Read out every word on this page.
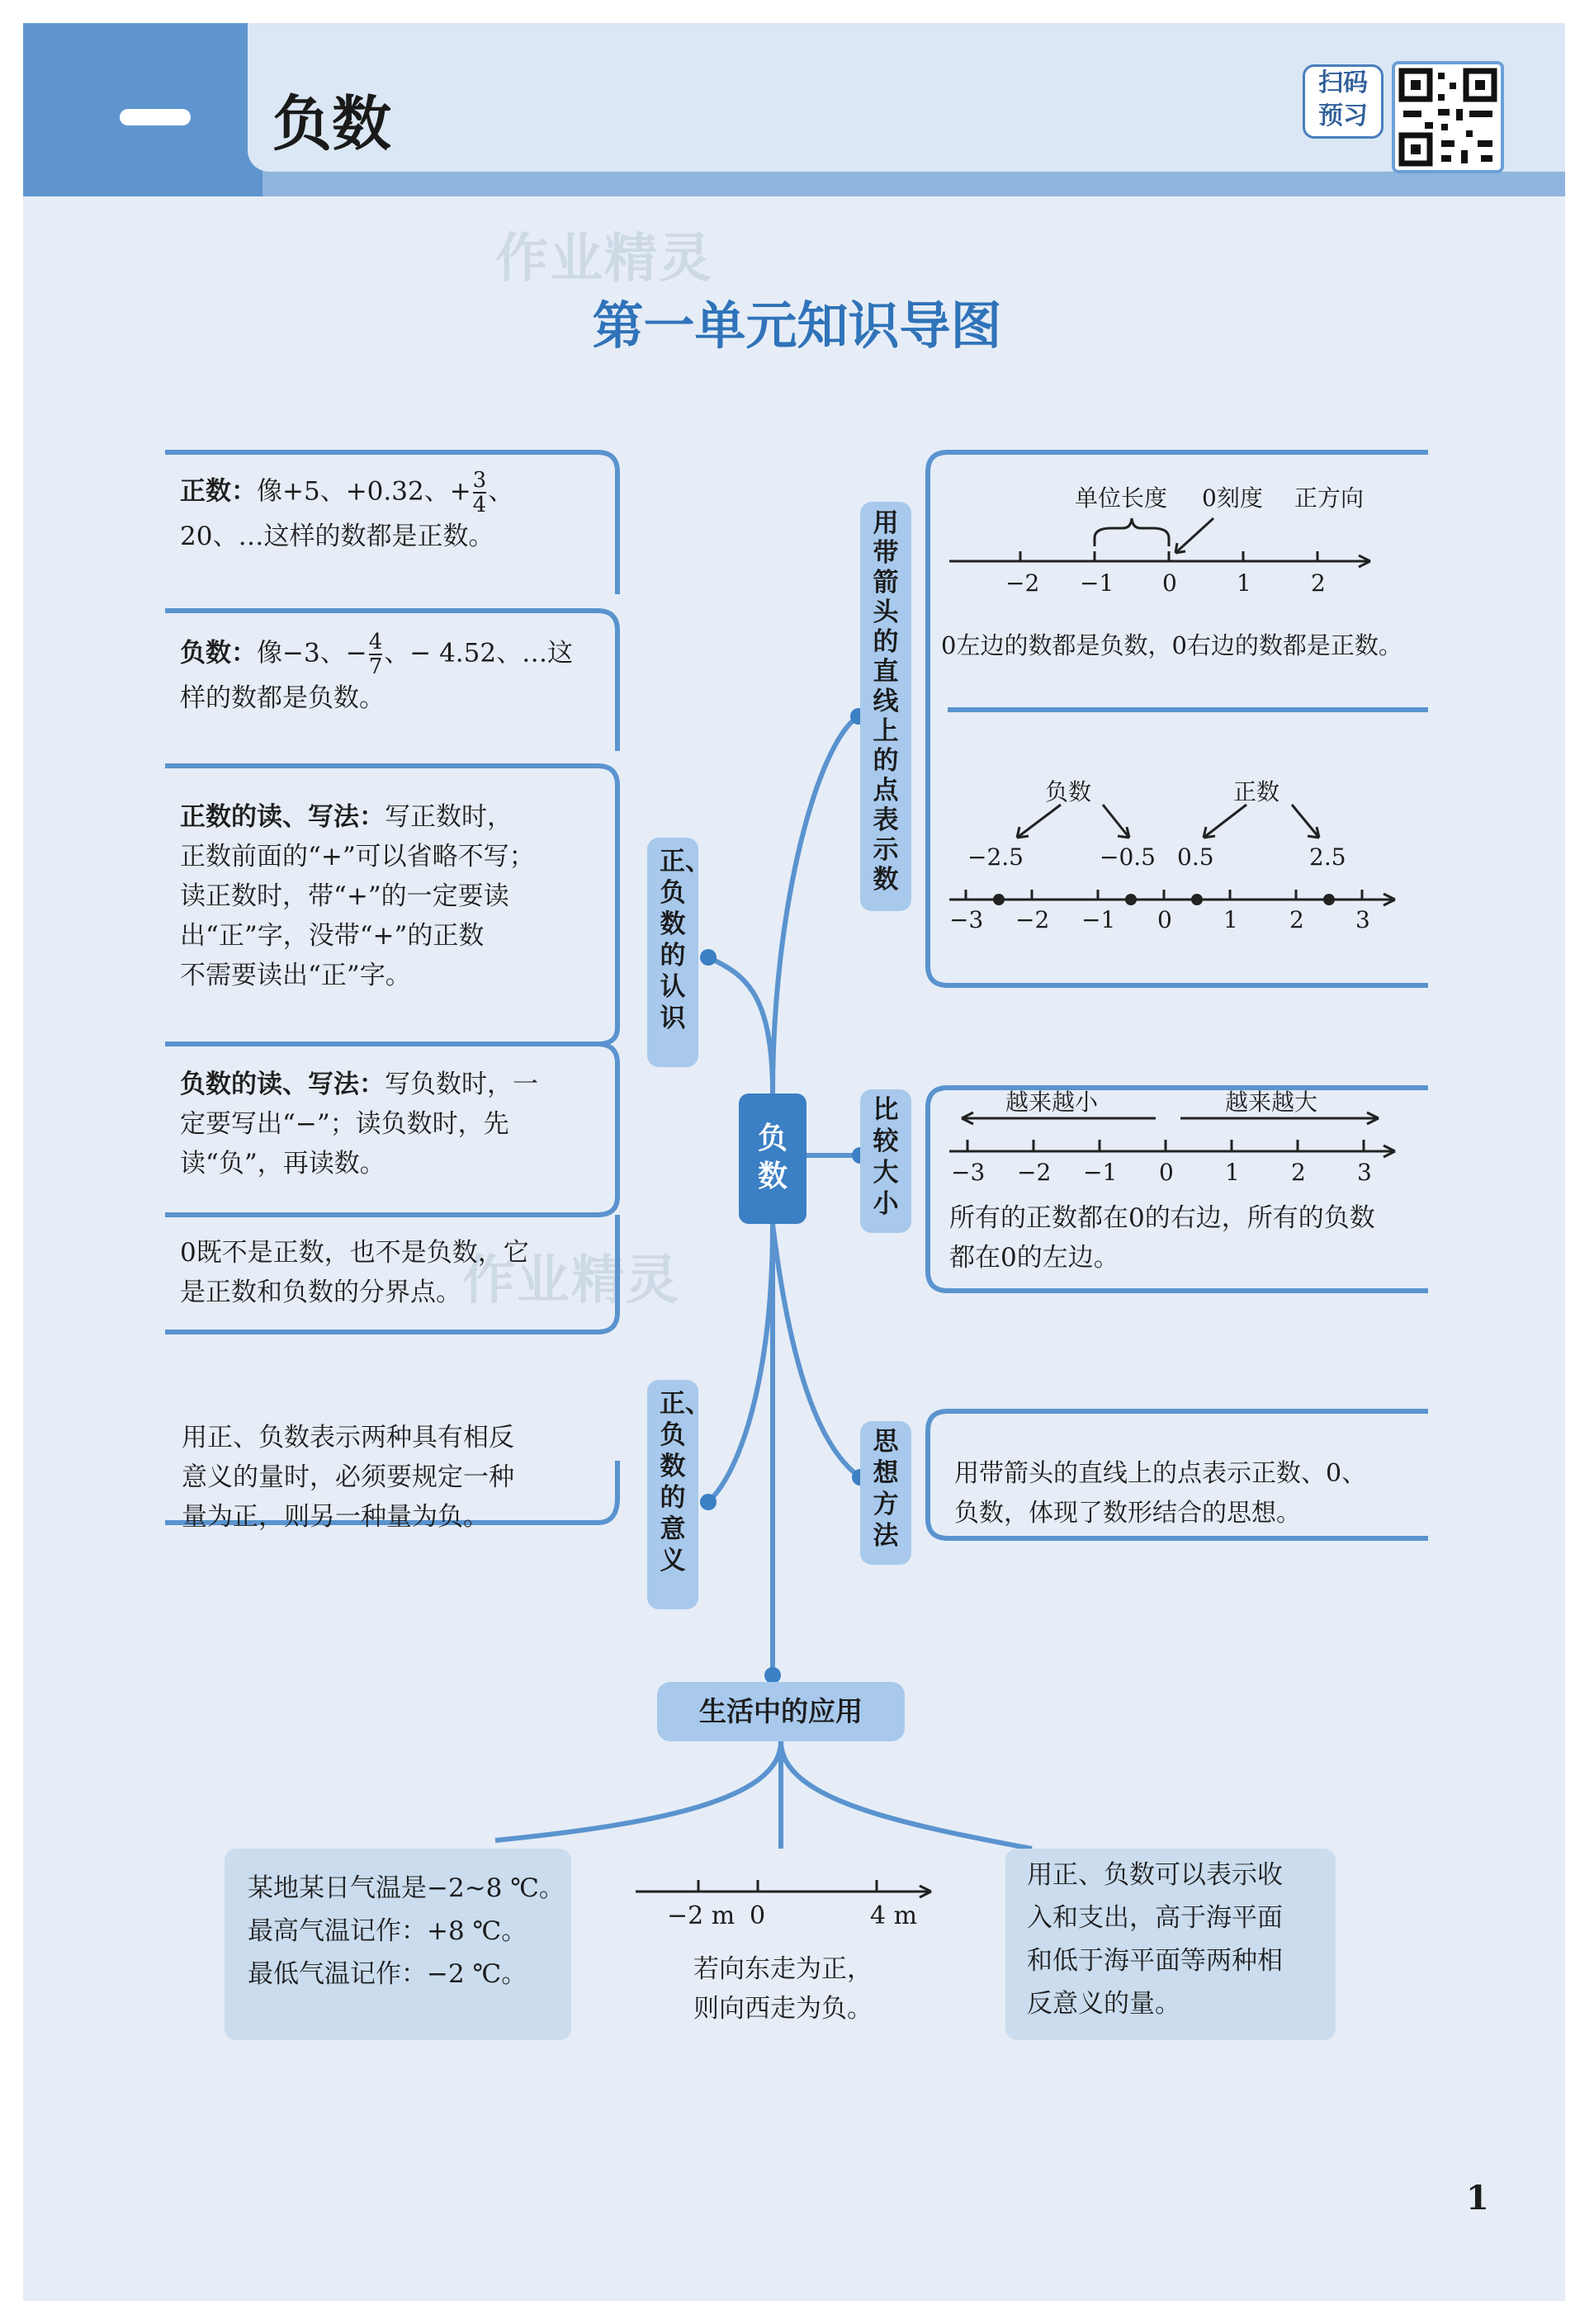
负数
扫码
预习
作业精灵
作业精灵
第一单元知识导图
正、负数的认识
正、负数的意义
用带箭头的直线上的点表示数
比较大小
思想方法
负数
正数：像+5、+0.32、+ $\frac{3}{4}$ 、
20、…这样的数都是正数。
负数：像−3、− $\frac{4}{7}$ 、− 4.52、…这
样的数都是负数。
正数的读、写法：写正数时，
正数前面的“+”可以省略不写；
读正数时，带“+”的一定要读
出“正”字，没带“+”的正数
不需要读出“正”字。
负数的读、写法：写负数时，一
定要写出“−”；读负数时，先
读“负”，再读数。
0既不是正数，也不是负数，它
是正数和负数的分界点。
用正、负数表示两种具有相反
意义的量时，必须要规定一种
量为正，则另一种量为负。
单位长度 0刻度 正方向
−2 −1 0	1	2
0左边的数都是负数，0右边的数都是正数。
负数	正数
−2.5	−0.5 0.5	2.5
−3 −2 −1 0 1 2 3
越来越小	越来越大
−3 −2 −1 0 1 2 3
所有的正数都在0的右边，所有的负数
都在0的左边。
用带箭头的直线上的点表示正数、0、
负数，体现了数形结合的思想。
生活中的应用
某地某日气温是−2~8 ℃。
最高气温记作：+8 ℃。
最低气温记作：−2 ℃。
−2 m 0	4 m
若向东走为正，
则向西走为负。
用正、负数可以表示收
入和支出，高于海平面
和低于海平面等两种相
反意义的量。
1
